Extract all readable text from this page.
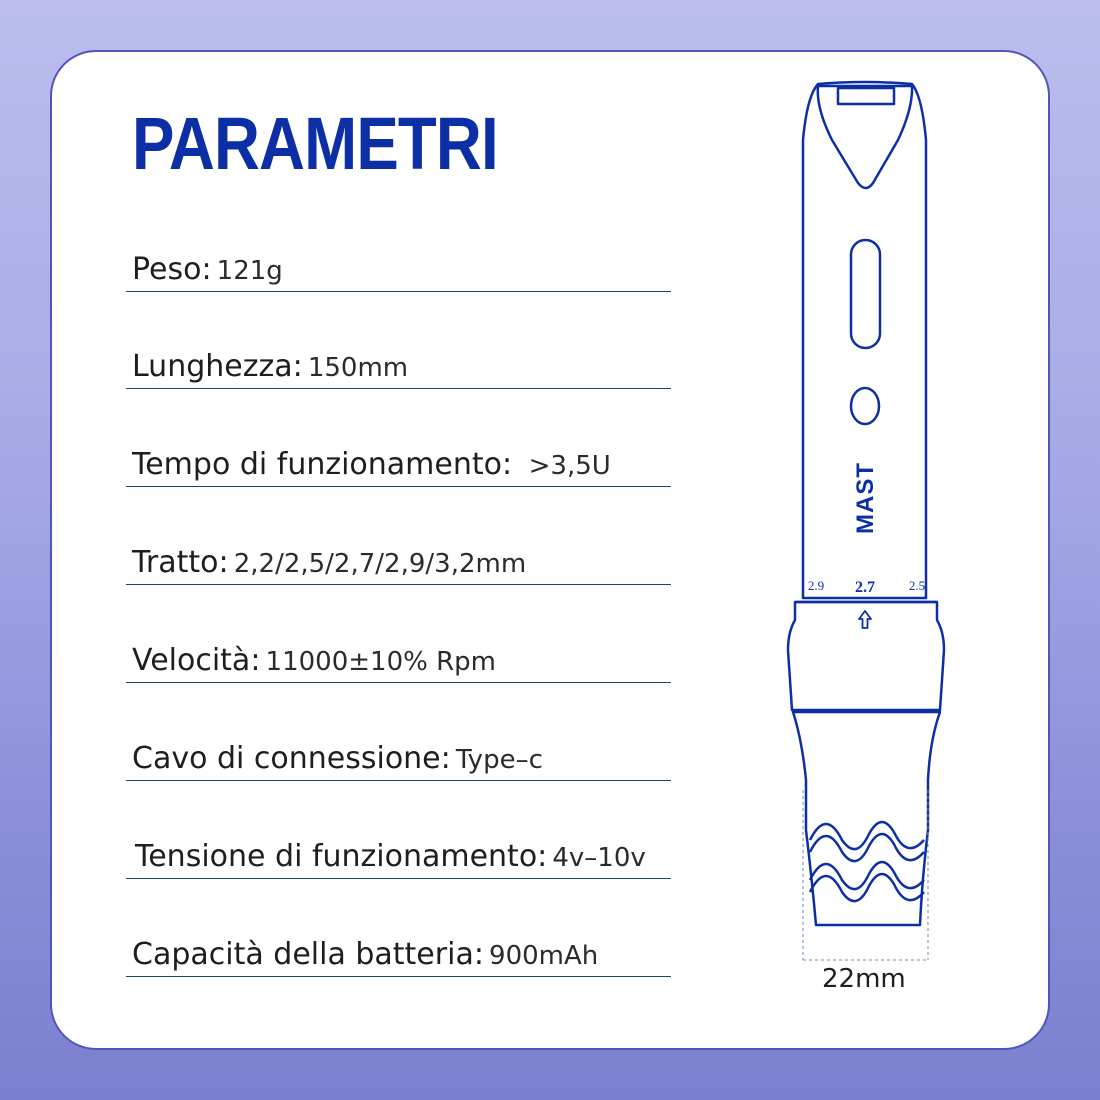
PARAMETRI
Peso: 121g
Lunghezza: 150mm
Tempo di funzionamento:  >3,5U
Tratto: 2,2/2,5/2,7/2,9/3,2mm
Velocità: 11000±10% Rpm
Cavo di connessione: Type–c
Tensione di funzionamento: 4v–10v
Capacità della batteria: 900mAh
MAST
2.9 2.7	2.5
22mm
